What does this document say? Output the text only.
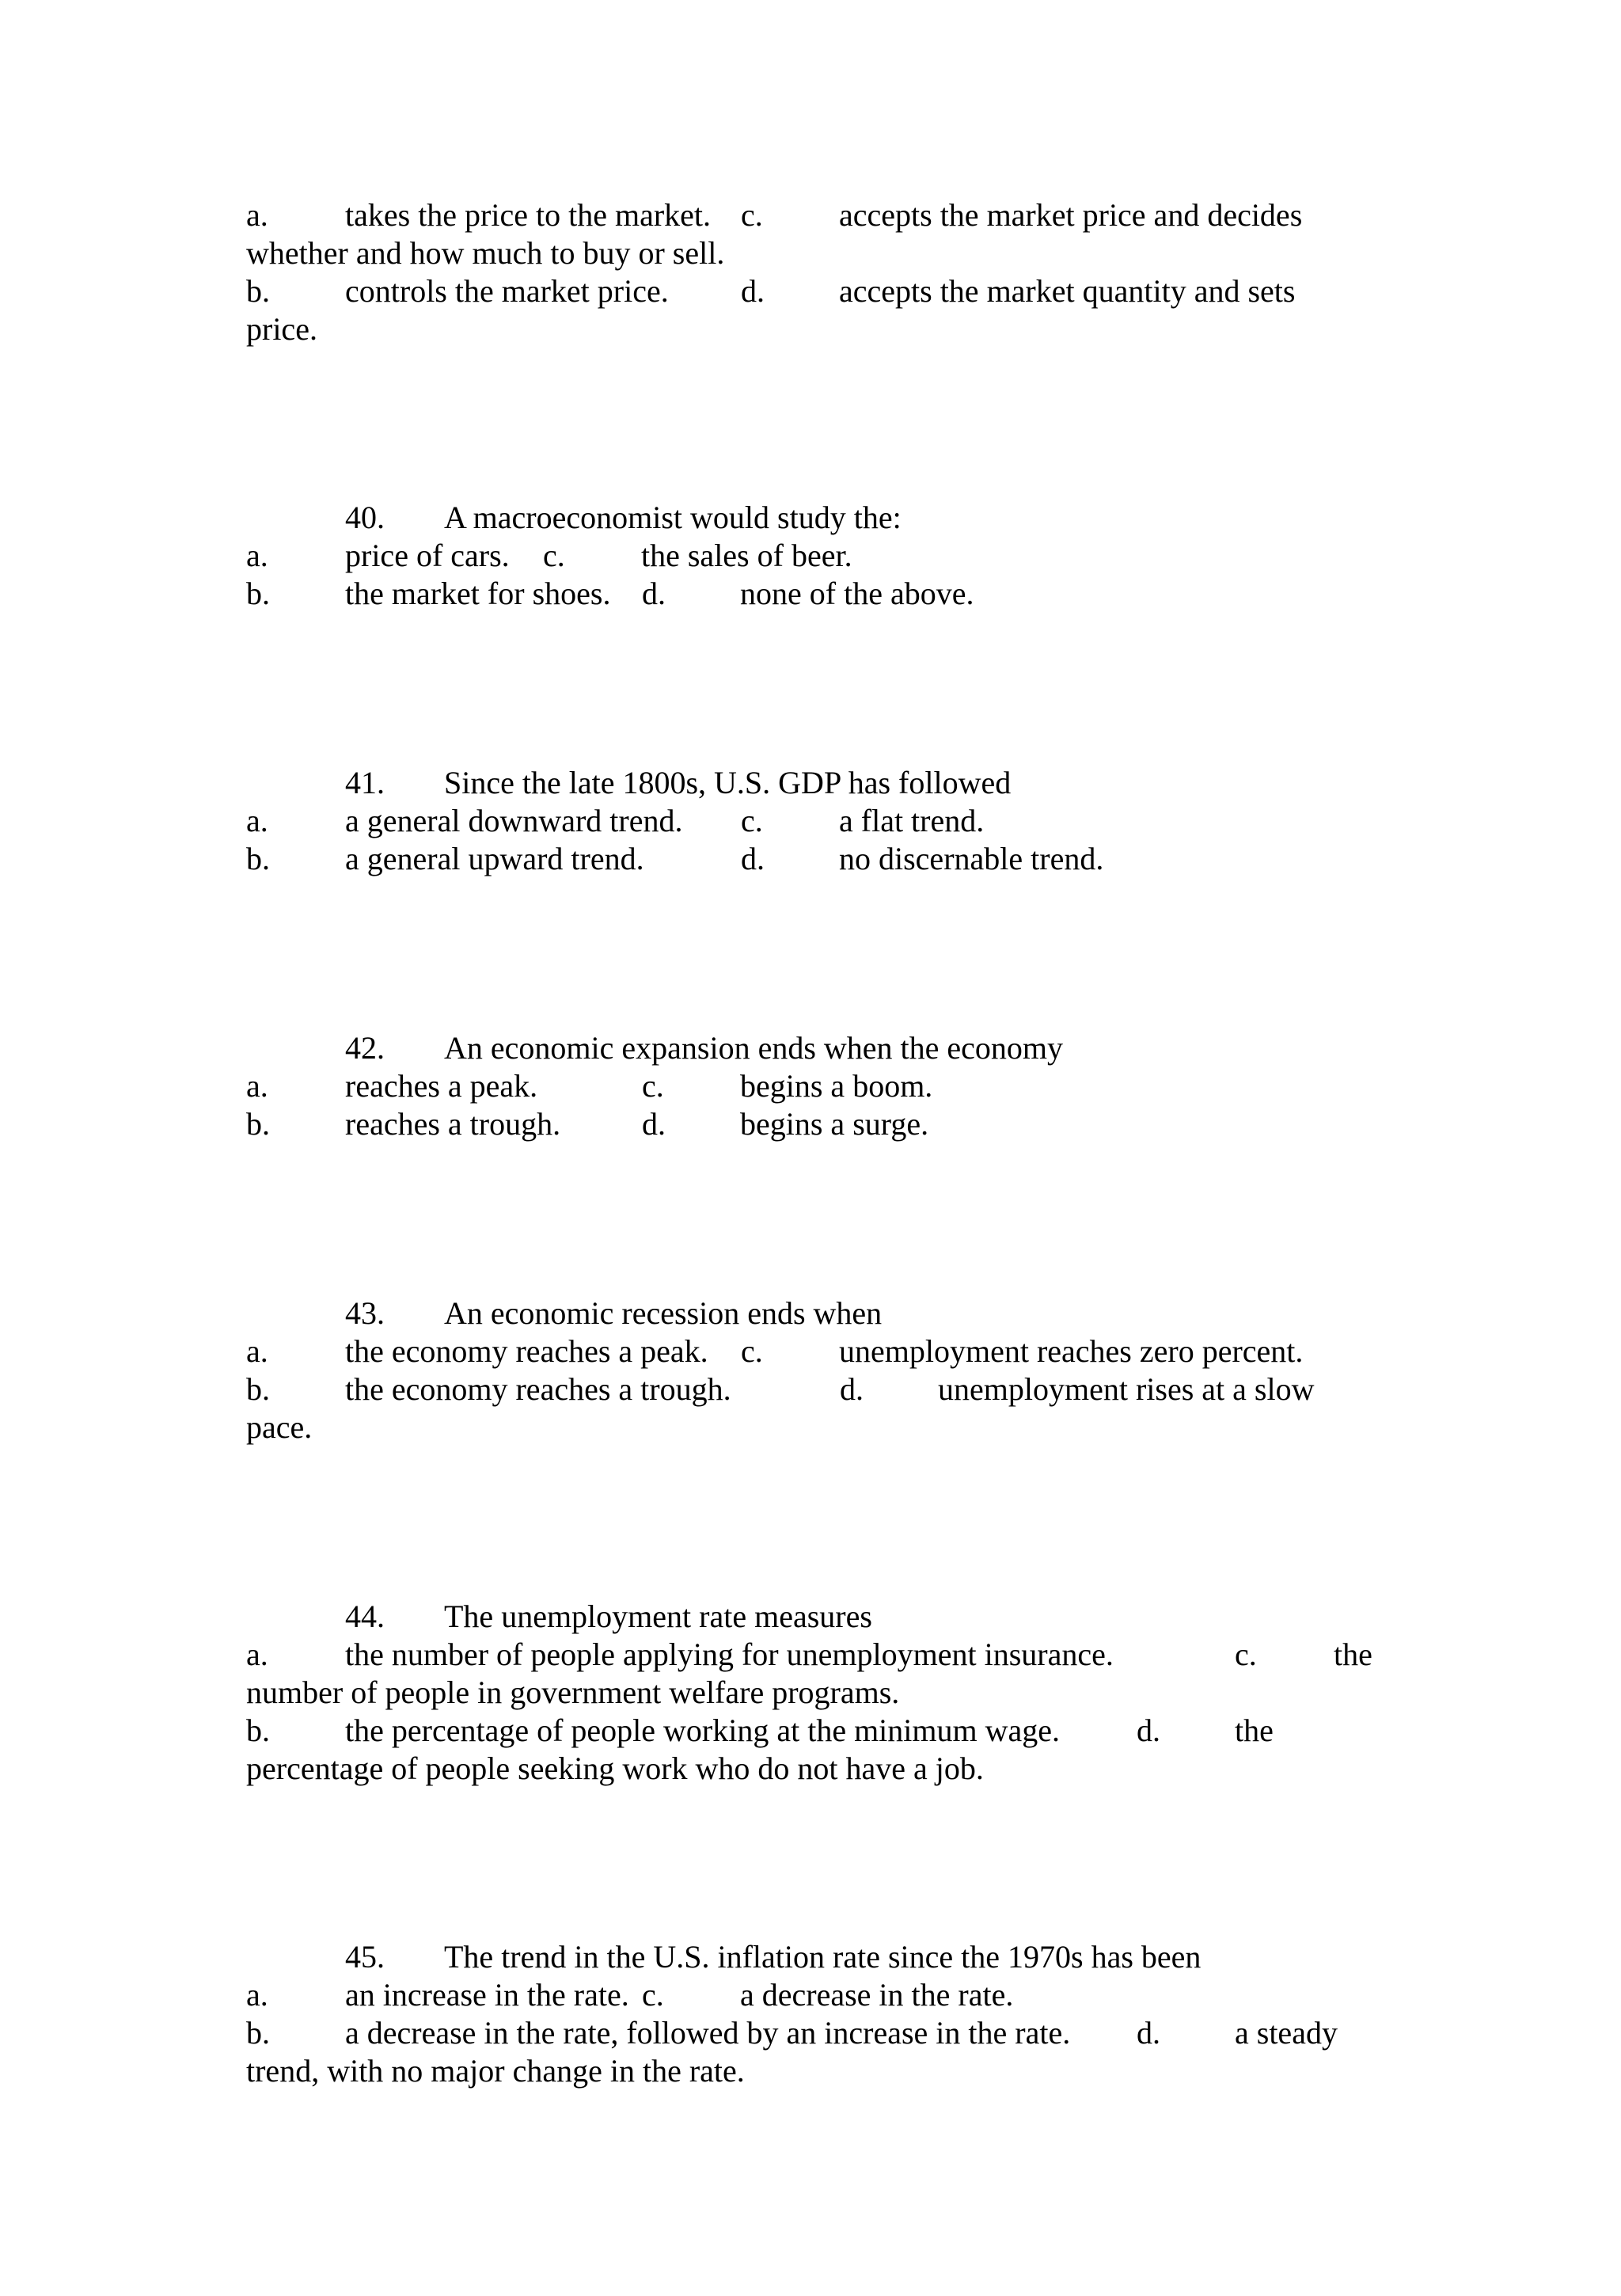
a. takes the price to the market. c. accepts the market price and decides
whether and how much to buy or sell.
b. controls the market price. d. accepts the market quantity and sets
price.
40. A macroeconomist would study the:
a. price of cars. c. the sales of beer.
b. the market for shoes. d. none of the above.
41. Since the late 1800s, U.S. GDP has followed
a. a general downward trend. c. a flat trend.
b. a general upward trend.	d. no discernable trend.
42. An economic expansion ends when the economy
a. reaches a peak.	c. begins a boom.
b. reaches a trough.	d. begins a surge.
43. An economic recession ends when
a. the economy reaches a peak. c. unemployment reaches zero percent.
b. the economy reaches a trough.	d. unemployment rises at a slow
pace.
44. The unemployment rate measures
a. the number of people applying for unemployment insurance.	c. the
number of people in government welfare programs.
b. the percentage of people working at the minimum wage. d. the
percentage of people seeking work who do not have a job.
45. The trend in the U.S. inflation rate since the 1970s has been
a. an increase in the rate. c. a decrease in the rate.
b. a decrease in the rate, followed by an increase in the rate. d. a steady
trend, with no major change in the rate.
